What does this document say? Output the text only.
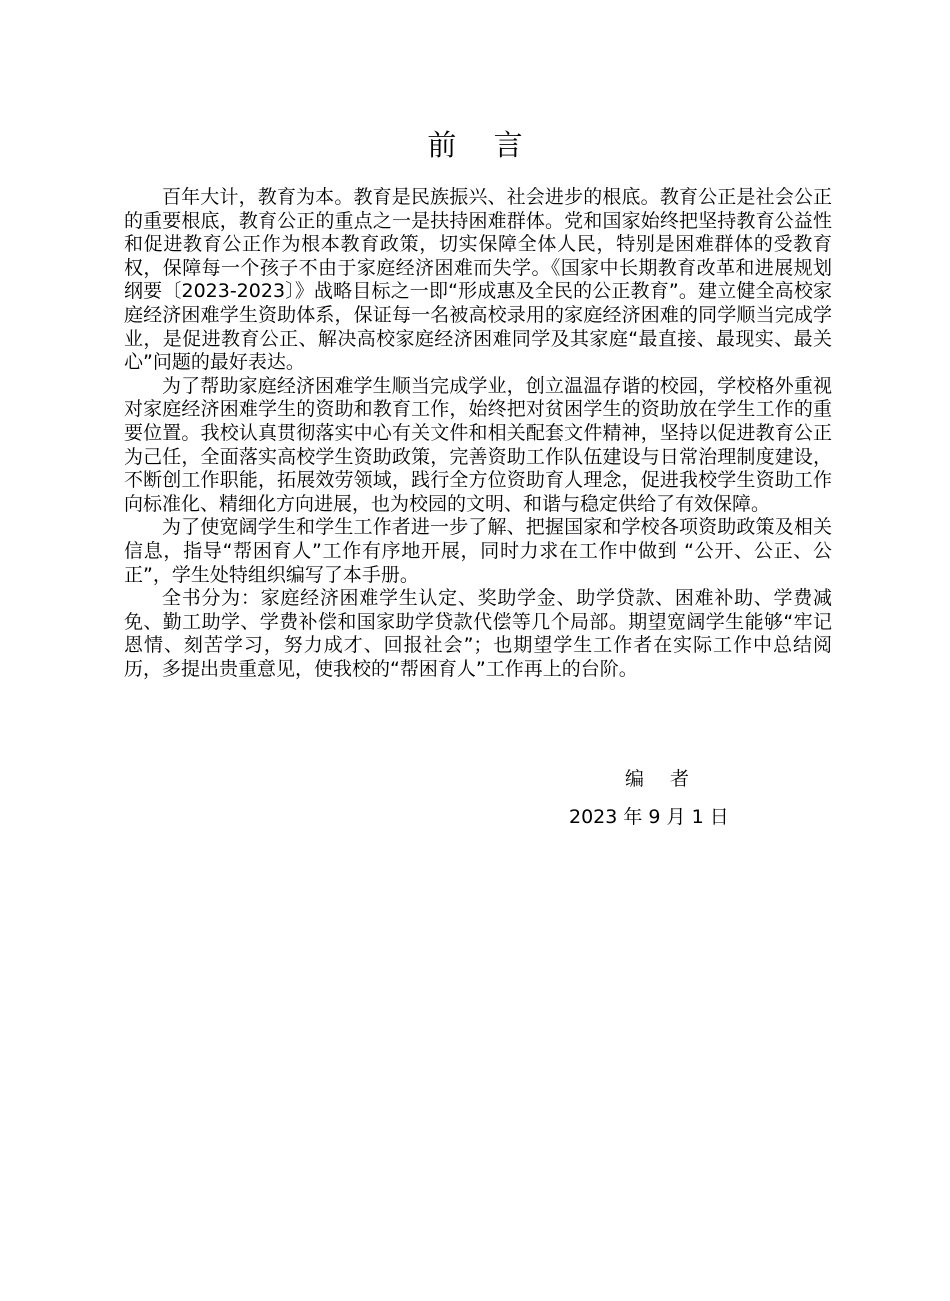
前 言

百年大计，教育为本。教育是民族振兴、社会进步的根底。教育公正是社会公正的重要根底，教育公正的重点之一是扶持困难群体。党和国家始终把坚持教育公益性和促进教育公正作为根本教育政策，切实保障全体人民，特别是困难群体的受教育权，保障每一个孩子不由于家庭经济困难而失学。《国家中长期教育改革和进展规划纲要〔2023-2023〕》战略目标之一即“形成惠及全民的公正教育”。建立健全高校家庭经济困难学生资助体系，保证每一名被高校录用的家庭经济困难的同学顺当完成学业，是促进教育公正、解决高校家庭经济困难同学及其家庭“最直接、最现实、最关心”问题的最好表达。

为了帮助家庭经济困难学生顺当完成学业，创立温温存谐的校园，学校格外重视对家庭经济困难学生的资助和教育工作，始终把对贫困学生的资助放在学生工作的重要位置。我校认真贯彻落实中心有关文件和相关配套文件精神，坚持以促进教育公正为己任，全面落实高校学生资助政策，完善资助工作队伍建设与日常治理制度建设，不断创工作职能，拓展效劳领域，践行全方位资助育人理念，促进我校学生资助工作向标准化、精细化方向进展，也为校园的文明、和谐与稳定供给了有效保障。

为了使宽阔学生和学生工作者进一步了解、把握国家和学校各项资助政策及相关信息，指导“帮困育人”工作有序地开展，同时力求在工作中做到 “公开、公正、公正”，学生处特组织编写了本手册。

全书分为：家庭经济困难学生认定、奖助学金、助学贷款、困难补助、学费减免、勤工助学、学费补偿和国家助学贷款代偿等几个局部。期望宽阔学生能够“牢记恩情、刻苦学习，努力成才、回报社会”；也期望学生工作者在实际工作中总结阅历，多提出贵重意见，使我校的“帮困育人”工作再上的台阶。

编 者
2023 年 9 月 1 日
